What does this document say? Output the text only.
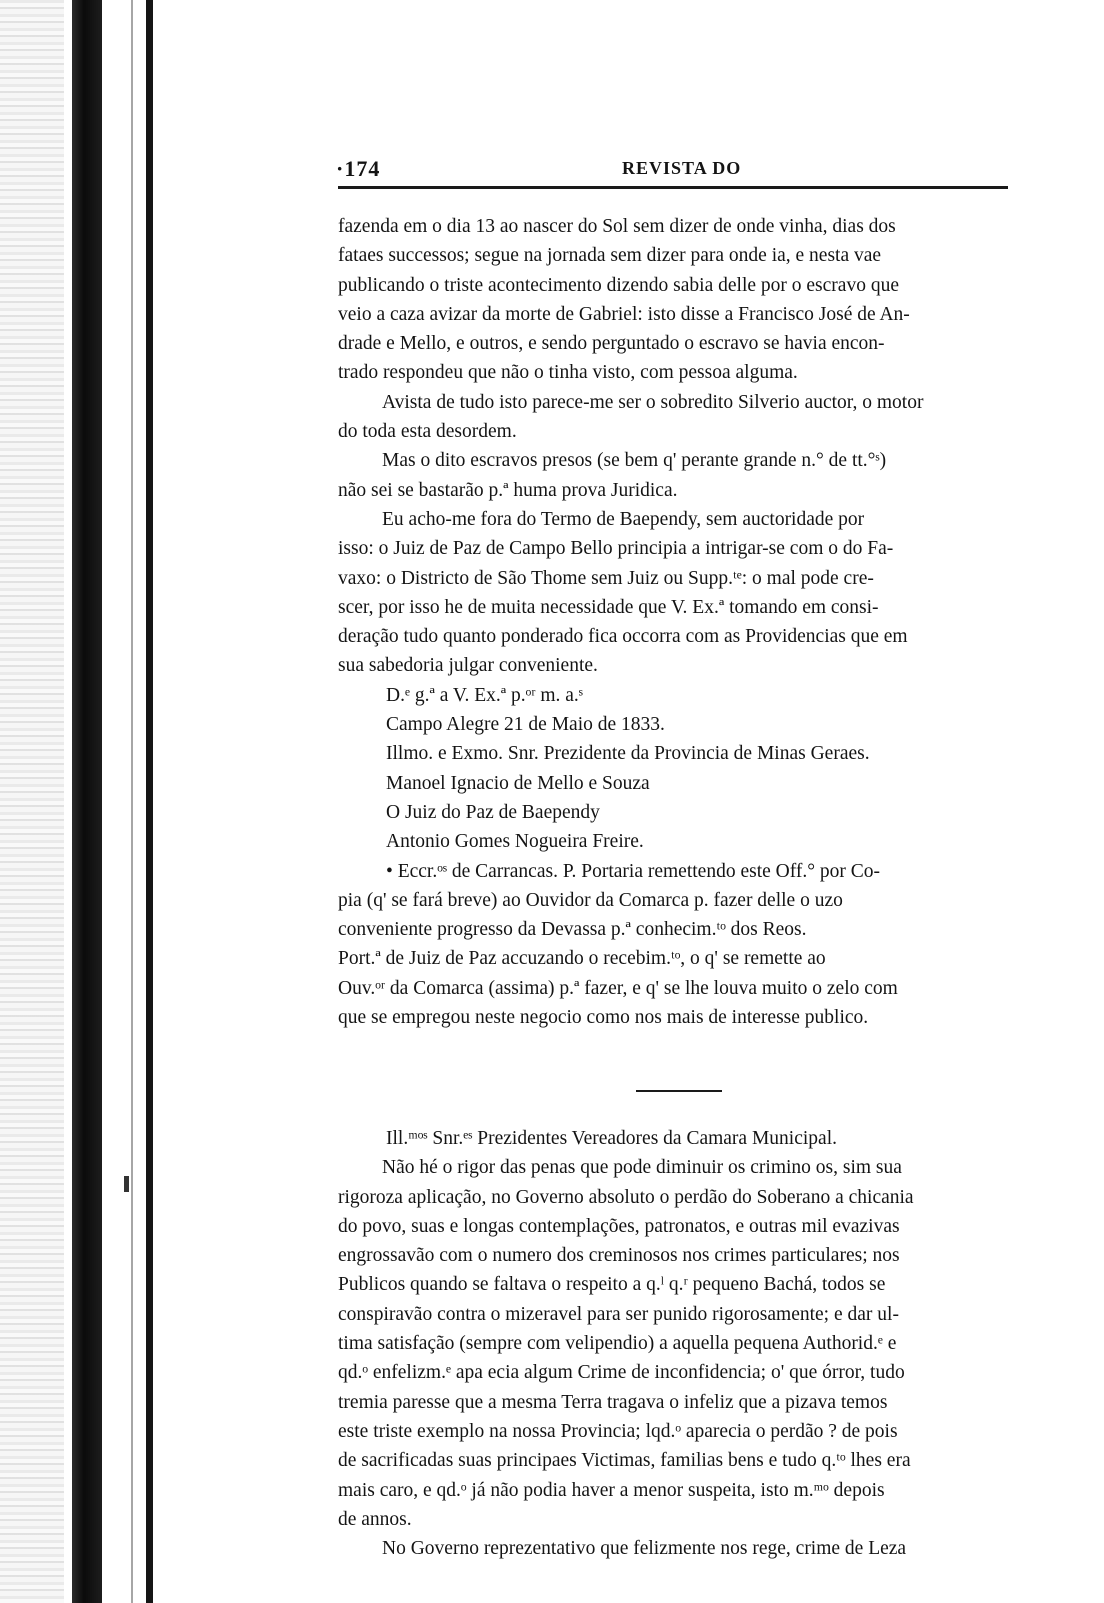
·174	REVISTA DO
fazenda em o dia 13 ao nascer do Sol sem dizer de onde vinha, dias dos
fataes successos; segue na jornada sem dizer para onde ia, e nesta vae
publicando o triste acontecimento dizendo sabia delle por o escravo que
veio a caza avizar da morte de Gabriel: isto disse a Francisco José de An-
drade e Mello, e outros, e sendo perguntado o escravo se havia encon-
trado respondeu que não o tinha visto, com pessoa alguma.
Avista de tudo isto parece-me ser o sobredito Silverio auctor, o motor
do toda esta desordem.
Mas o dito escravos presos (se bem q' perante grande n.° de tt.°ˢ)
não sei se bastarão p.ª huma prova Juridica.
Eu acho-me fora do Termo de Baependy, sem auctoridade por
isso: o Juiz de Paz de Campo Bello principia a intrigar-se com o do Fa-
vaxo: o Districto de São Thome sem Juiz ou Supp.ᵗᵉ: o mal pode cre-
scer, por isso he de muita necessidade que V. Ex.ª tomando em consi-
deração tudo quanto ponderado fica occorra com as Providencias que em
sua sabedoria julgar conveniente.
D.ᵉ g.ª a V. Ex.ª p.ᵒʳ m. a.ˢ
Campo Alegre 21 de Maio de 1833.
Illmo. e Exmo. Snr. Prezidente da Provincia de Minas Geraes.
Manoel Ignacio de Mello e Souza
O Juiz do Paz de Baependy
Antonio Gomes Nogueira Freire.
• Eccr.ᵒˢ de Carrancas. P. Portaria remettendo este Off.° por Co-
pia (q' se fará breve) ao Ouvidor da Comarca p. fazer delle o uzo
conveniente progresso da Devassa p.ª conhecim.ᵗᵒ dos Reos.
Port.ª de Juiz de Paz accuzando o recebim.ᵗᵒ, o q' se remette ao
Ouv.ᵒʳ da Comarca (assima) p.ª fazer, e q' se lhe louva muito o zelo com
que se empregou neste negocio como nos mais de interesse publico.
Ill.ᵐᵒˢ Snr.ᵉˢ Prezidentes Vereadores da Camara Municipal.
Não hé o rigor das penas que pode diminuir os crimino os, sim sua
rigoroza aplicação, no Governo absoluto o perdão do Soberano a chicania
do povo, suas e longas contemplações, patronatos, e outras mil evazivas
engrossavão com o numero dos creminosos nos crimes particulares; nos
Publicos quando se faltava o respeito a q.ˡ q.ʳ pequeno Bachá, todos se
conspiravão contra o mizeravel para ser punido rigorosamente; e dar ul-
tima satisfação (sempre com velipendio) a aquella pequena Authorid.ᵉ e
qd.ᵒ enfelizm.ᵉ apa ecia algum Crime de inconfidencia; o' que órror, tudo
tremia paresse que a mesma Terra tragava o infeliz que a pizava temos
este triste exemplo na nossa Provincia; lqd.ᵒ aparecia o perdão ? de pois
de sacrificadas suas principaes Victimas, familias bens e tudo q.ᵗᵒ lhes era
mais caro, e qd.ᵒ já não podia haver a menor suspeita, isto m.ᵐᵒ depois
de annos.
No Governo reprezentativo que felizmente nos rege, crime de Leza
